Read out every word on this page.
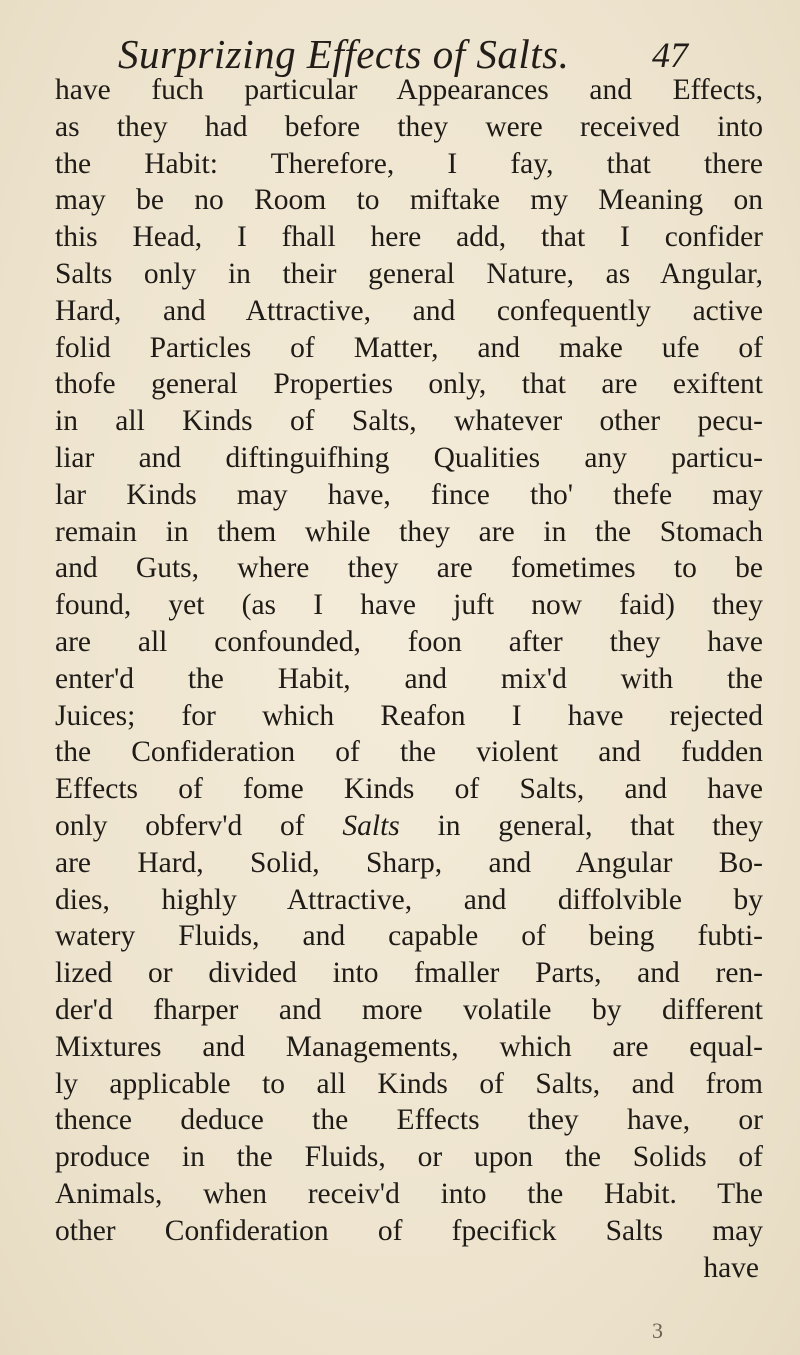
Surprizing Effects of Salts. 47
have fuch particular Appearances and Effects,
as they had before they were received into
the Habit: Therefore, I fay, that there
may be no Room to miftake my Meaning on
this Head, I fhall here add, that I confider
Salts only in their general Nature, as Angular,
Hard, and Attractive, and confequently active
folid Particles of Matter, and make ufe of
thofe general Properties only, that are exiftent
in all Kinds of Salts, whatever other pecu-
liar and diftinguifhing Qualities any particu-
lar Kinds may have, fince tho' thefe may
remain in them while they are in the Stomach
and Guts, where they are fometimes to be
found, yet (as I have juft now faid) they
are all confounded, foon after they have
enter'd the Habit, and mix'd with the
Juices; for which Reafon I have rejected
the Confideration of the violent and fudden
Effects of fome Kinds of Salts, and have
only obferv'd of Salts in general, that they
are Hard, Solid, Sharp, and Angular Bo-
dies, highly Attractive, and diffolvible by
watery Fluids, and capable of being fubti-
lized or divided into fmaller Parts, and ren-
der'd fharper and more volatile by different
Mixtures and Managements, which are equal-
ly applicable to all Kinds of Salts, and from
thence deduce the Effects they have, or
produce in the Fluids, or upon the Solids of
Animals, when receiv'd into the Habit. The
other Confideration of fpecifick Salts may
have
3
